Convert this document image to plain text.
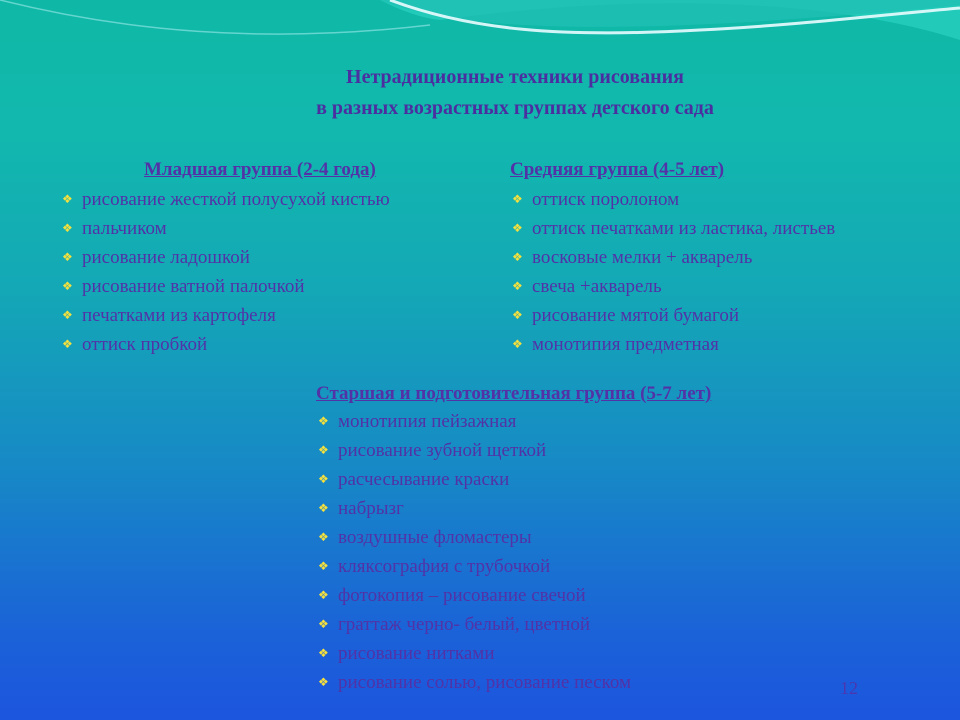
Нетрадиционные техники рисования
в разных возрастных группах детского сада
Младшая группа (2-4 года)
❖ рисование жесткой полусухой кистью
❖ пальчиком
❖ рисование ладошкой
❖ рисование ватной палочкой
❖ печатками из картофеля
❖ оттиск пробкой
Средняя группа (4-5 лет)
❖ оттиск поролоном
❖ оттиск печатками из ластика, листьев
❖ восковые мелки + акварель
❖ свеча +акварель
❖ рисование мятой бумагой
❖ монотипия предметная
Старшая и подготовительная группа (5-7 лет)
❖ монотипия пейзажная
❖ рисование зубной щеткой
❖ расчесывание краски
❖ набрызг
❖ воздушные фломастеры
❖ кляксография с трубочкой
❖ фотокопия – рисование свечой
❖ граттаж черно- белый, цветной
❖ рисование нитками
❖ рисование солью, рисование песком	12
